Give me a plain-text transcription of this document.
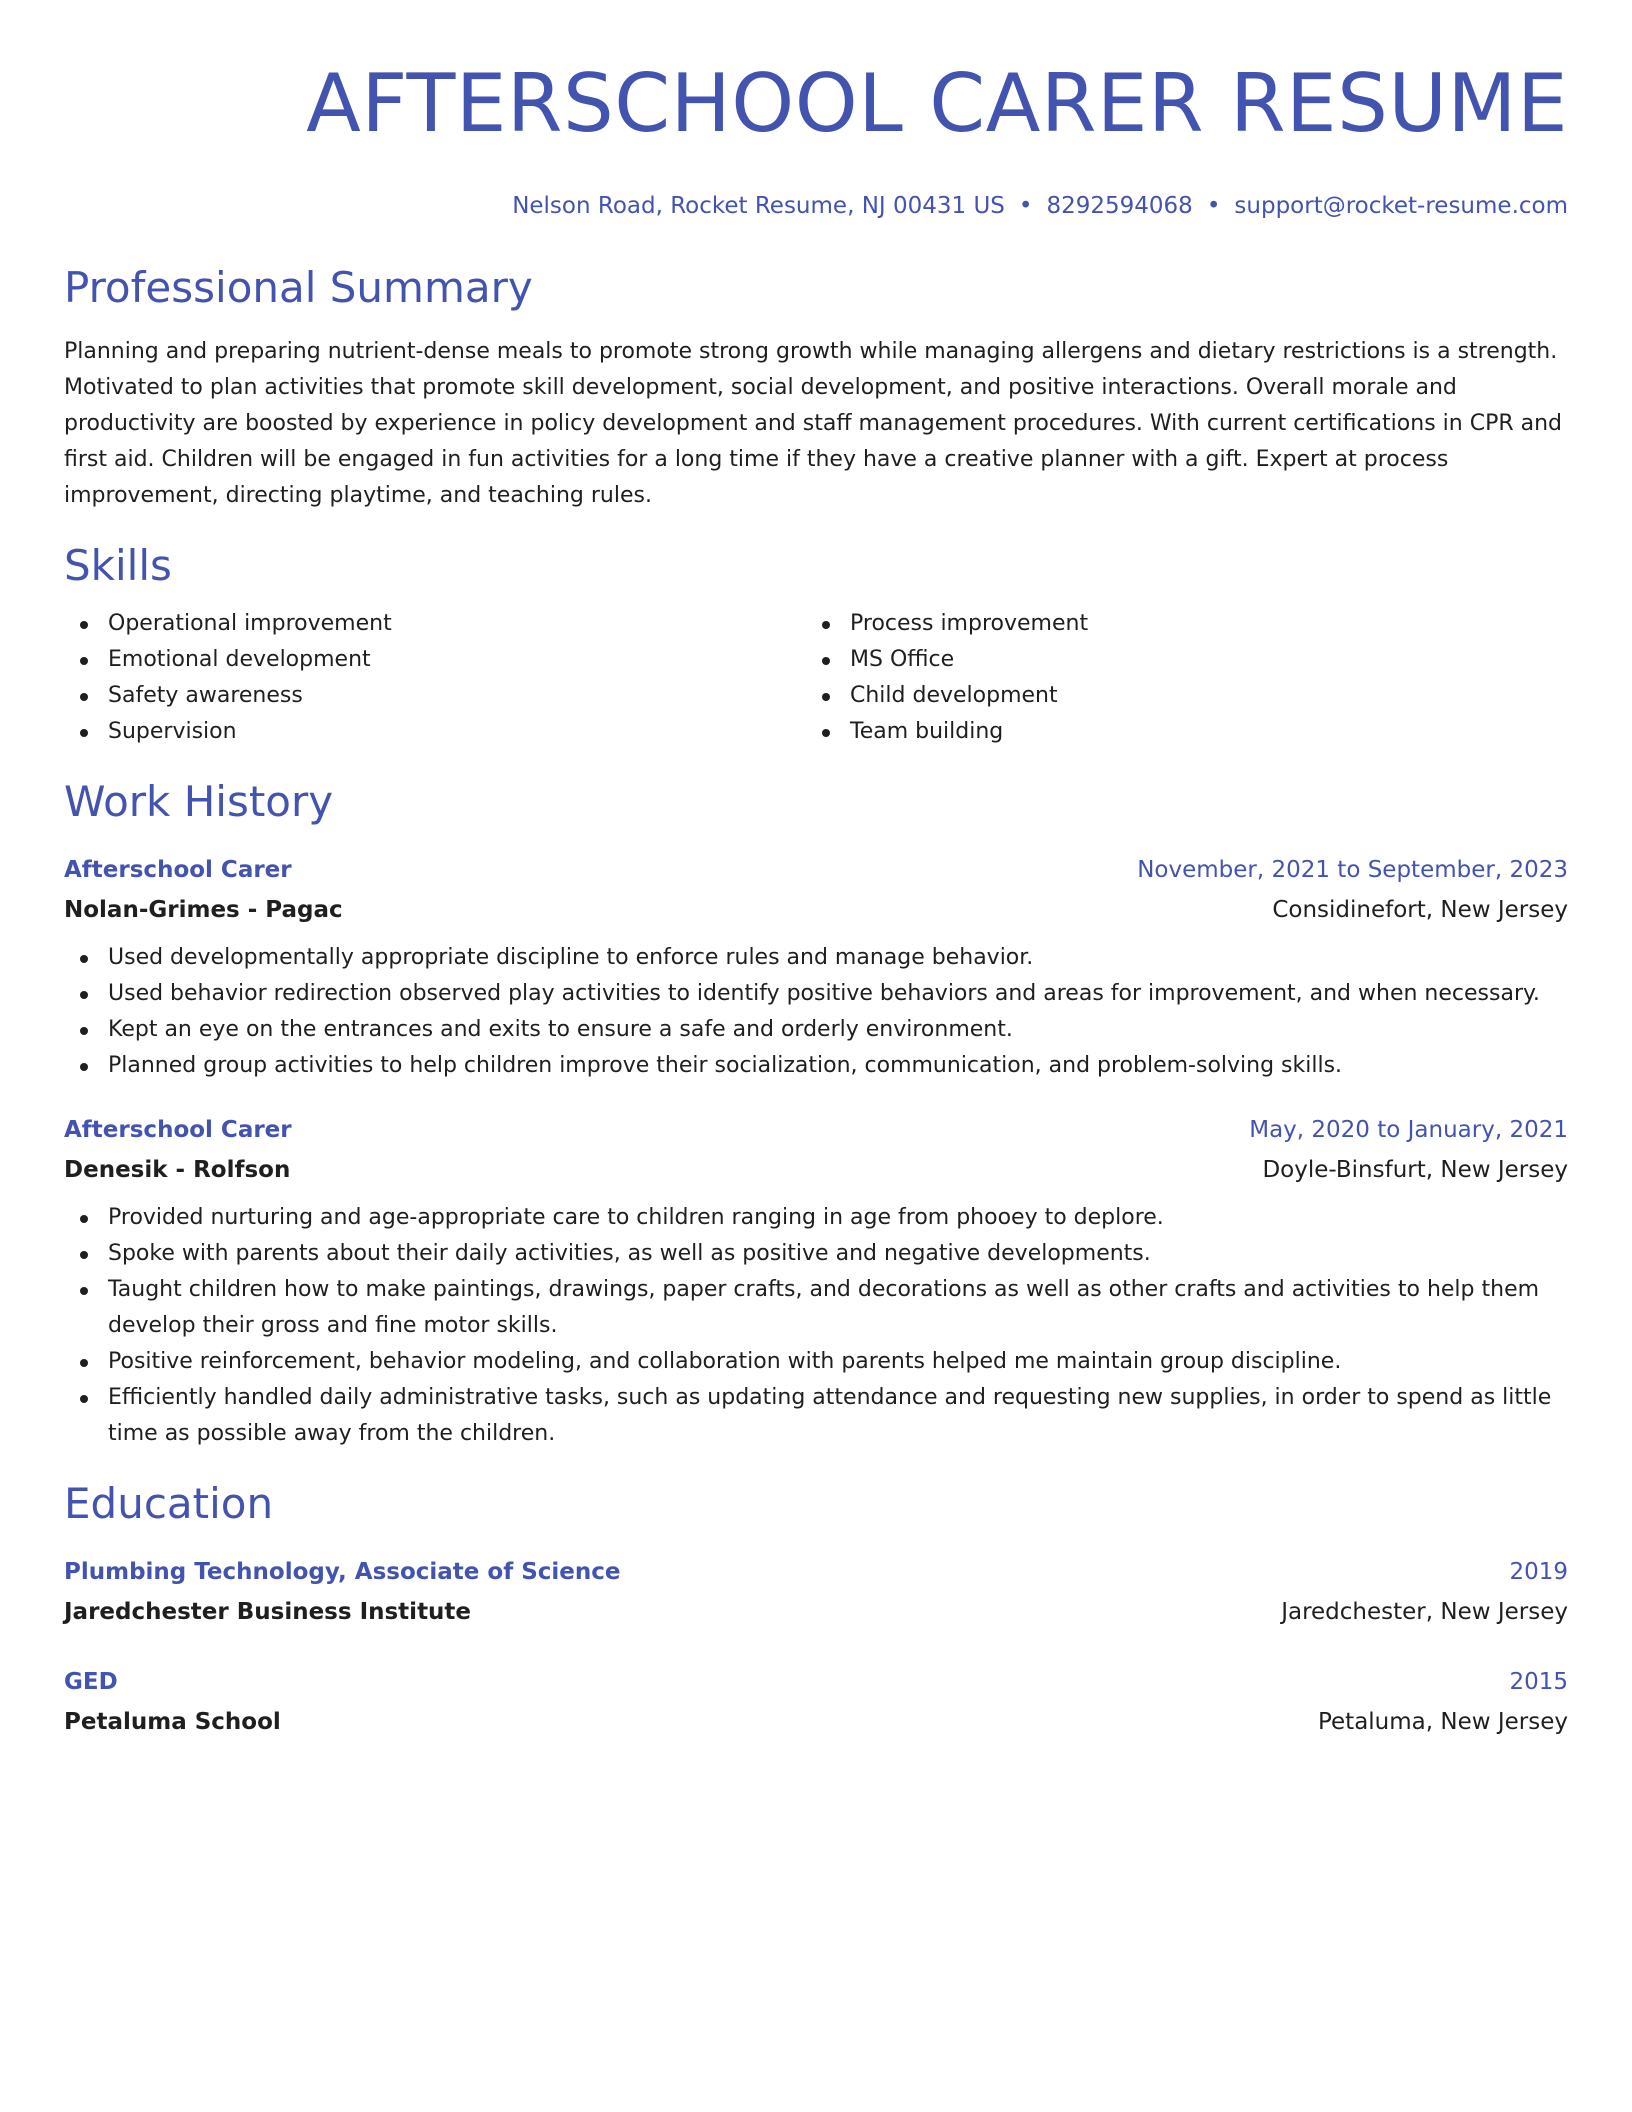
AFTERSCHOOL CARER RESUME
Nelson Road, Rocket Resume, NJ 00431 US • 8292594068 • support@rocket-resume.com
Professional Summary
Planning and preparing nutrient-dense meals to promote strong growth while managing allergens and dietary restrictions is a strength. Motivated to plan activities that promote skill development, social development, and positive interactions. Overall morale and productivity are boosted by experience in policy development and staff management procedures. With current certifications in CPR and first aid. Children will be engaged in fun activities for a long time if they have a creative planner with a gift. Expert at process improvement, directing playtime, and teaching rules.
Skills
Operational improvement
Emotional development
Safety awareness
Supervision
Process improvement
MS Office
Child development
Team building
Work History
Afterschool Carer	November, 2021 to September, 2023
Nolan-Grimes - Pagac	Considinefort, New Jersey
Used developmentally appropriate discipline to enforce rules and manage behavior.
Used behavior redirection observed play activities to identify positive behaviors and areas for improvement, and when necessary.
Kept an eye on the entrances and exits to ensure a safe and orderly environment.
Planned group activities to help children improve their socialization, communication, and problem-solving skills.
Afterschool Carer	May, 2020 to January, 2021
Denesik - Rolfson	Doyle-Binsfurt, New Jersey
Provided nurturing and age-appropriate care to children ranging in age from phooey to deplore.
Spoke with parents about their daily activities, as well as positive and negative developments.
Taught children how to make paintings, drawings, paper crafts, and decorations as well as other crafts and activities to help them develop their gross and fine motor skills.
Positive reinforcement, behavior modeling, and collaboration with parents helped me maintain group discipline.
Efficiently handled daily administrative tasks, such as updating attendance and requesting new supplies, in order to spend as little time as possible away from the children.
Education
Plumbing Technology, Associate of Science	2019
Jaredchester Business Institute	Jaredchester, New Jersey
GED	2015
Petaluma School	Petaluma, New Jersey
